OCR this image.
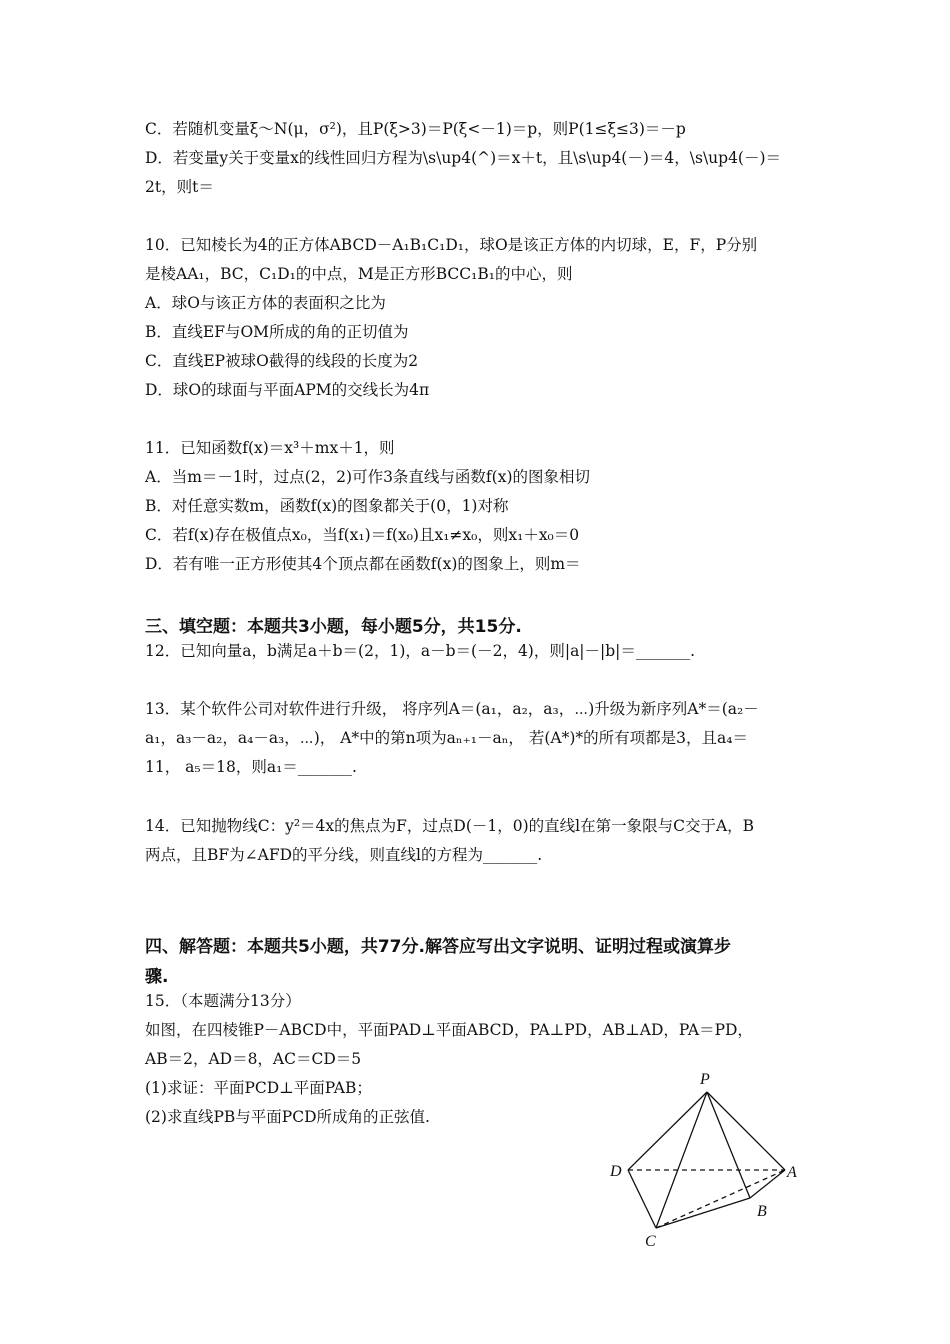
C．若随机变量ξ～N(μ，σ²)，且P(ξ>3)＝P(ξ<－1)＝p，则P(1≤ξ≤3)＝－p
D．若变量y关于变量x的线性回归方程为\s\up4(^)＝x＋t，且\s\up4(－)＝4，\s\up4(－)＝
2t，则t＝
10．已知棱长为4的正方体ABCD－A₁B₁C₁D₁，球O是该正方体的内切球，E，F，P分别
是棱AA₁，BC，C₁D₁的中点，M是正方形BCC₁B₁的中心，则
A．球O与该正方体的表面积之比为
B．直线EF与OM所成的角的正切值为
C．直线EP被球O截得的线段的长度为2
D．球O的球面与平面APM的交线长为4π
11．已知函数f(x)＝x³＋mx＋1，则
A．当m＝－1时，过点(2，2)可作3条直线与函数f(x)的图象相切
B．对任意实数m，函数f(x)的图象都关于(0，1)对称
C．若f(x)存在极值点x₀，当f(x₁)＝f(x₀)且x₁≠x₀，则x₁＋x₀＝0
D．若有唯一正方形使其4个顶点都在函数f(x)的图象上，则m＝
三、填空题：本题共3小题，每小题5分，共15分.
12．已知向量a，b满足a＋b＝(2，1)，a－b＝(－2，4)，则|a|－|b|＝_______.
13．某个软件公司对软件进行升级， 将序列A＝(a₁，a₂，a₃，⋯)升级为新序列A*＝(a₂－
a₁，a₃－a₂，a₄－a₃，⋯)， A*中的第n项为aₙ₊₁－aₙ， 若(A*)*的所有项都是3，且a₄＝
11， a₅＝18，则a₁＝_______.
14．已知抛物线C：y²＝4x的焦点为F，过点D(－1，0)的直线l在第一象限与C交于A，B
两点，且BF为∠AFD的平分线，则直线l的方程为_______.
四、解答题：本题共5小题，共77分.解答应写出文字说明、证明过程或演算步
骤.
15．（本题满分13分）
如图，在四棱锥P－ABCD中，平面PAD⊥平面ABCD，PA⊥PD，AB⊥AD，PA＝PD，
AB＝2，AD＝8，AC＝CD＝5
(1)求证：平面PCD⊥平面PAB；
(2)求直线PB与平面PCD所成角的正弦值.
P
D	A
B
C
